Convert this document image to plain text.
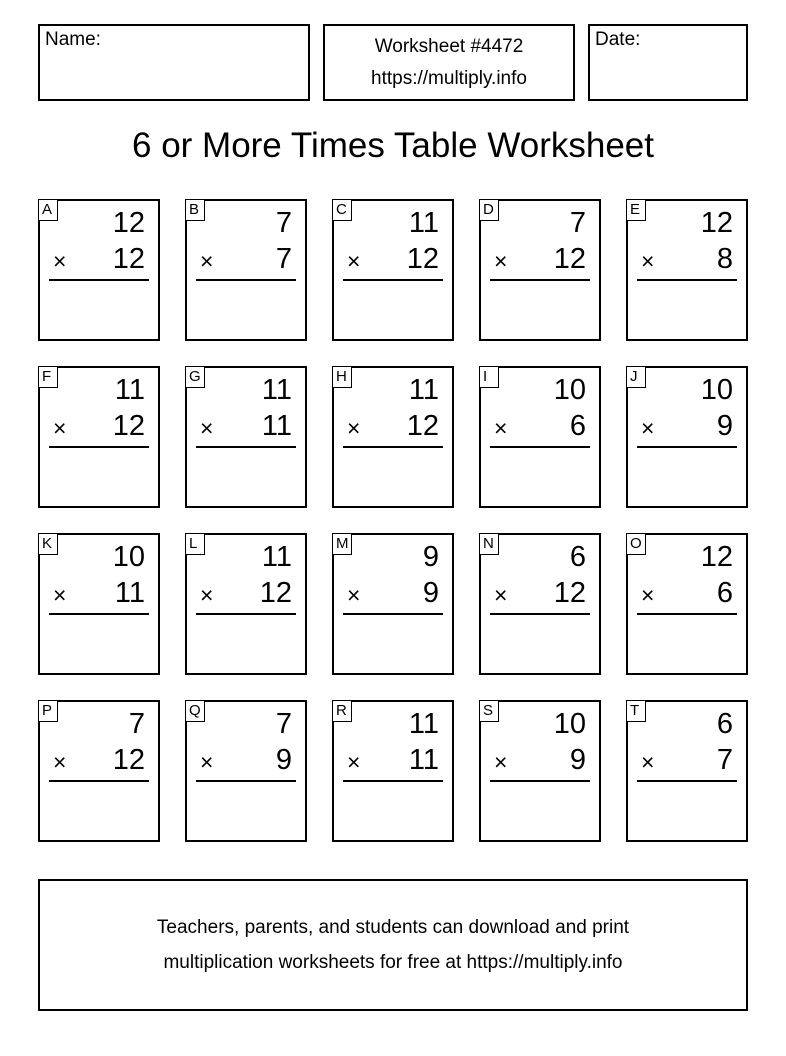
Name:	Worksheet #4472
https://multiply.info
Date:
6 or More Times Table Worksheet
A 12
× 12
B	7
× 7
C 11
× 12
D	7
× 12
E 12
× 8
F 11
× 12
G 11
× 11
H 11
× 12
I	10
× 6
J 10
× 9
K 10
× 11
L 11
× 12
M	9
× 9
N	6
× 12
O 12
× 6
P	7
× 12
Q	7
× 9
R 11
× 11
S 10
× 9
T	6
× 7
Teachers, parents, and students can download and print
multiplication worksheets for free at https://multiply.info
